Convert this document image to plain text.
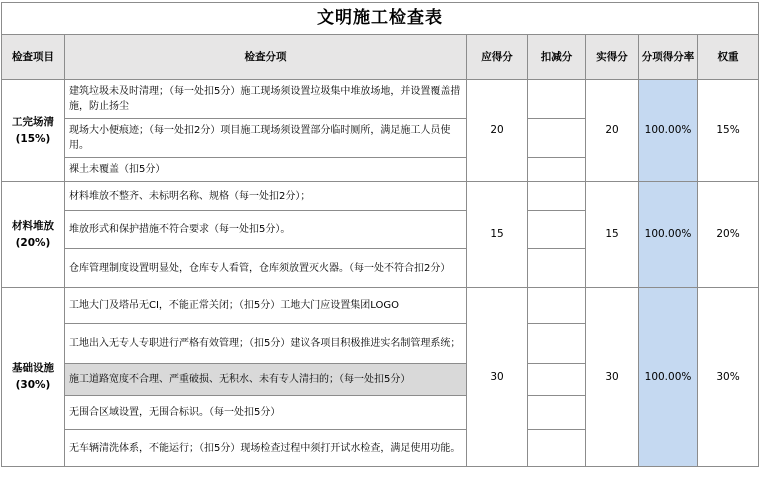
文明施工检查表						
检查项目	检查分项	应得分	扣减分	实得分	分项得分率	权重

工完场清
(15%)	建筑垃圾未及时清理；（每一处扣5分）施工现场须设置垃圾集中堆放场地，并设置覆盖措施，防止扬尘	20		20	100.00%	15%
	现场大小便痕迹；（每一处扣2分）项目施工现场须设置部分临时厕所，满足施工人员使用。					
	裸土未覆盖（扣5分）					

材料堆放
(20%)	材料堆放不整齐、未标明名称、规格（每一处扣2分）；	15		15	100.00%	20%
	堆放形式和保护措施不符合要求（每一处扣5分）。					
	仓库管理制度设置明显处，仓库专人看管，仓库须放置灭火器。（每一处不符合扣2分）					

基础设施
(30%)	工地大门及塔吊无CI，不能正常关闭；（扣5分）工地大门应设置集团LOGO	30		30	100.00%	30%
	工地出入无专人专职进行严格有效管理；（扣5分）建议各项目积极推进实名制管理系统；					
	施工道路宽度不合理、严重破损、无积水、未有专人清扫的；（每一处扣5分）					
	无围合区域设置，无围合标识。（每一处扣5分）					
	无车辆清洗体系，不能运行；（扣5分）现场检查过程中须打开试水检查，满足使用功能。					
